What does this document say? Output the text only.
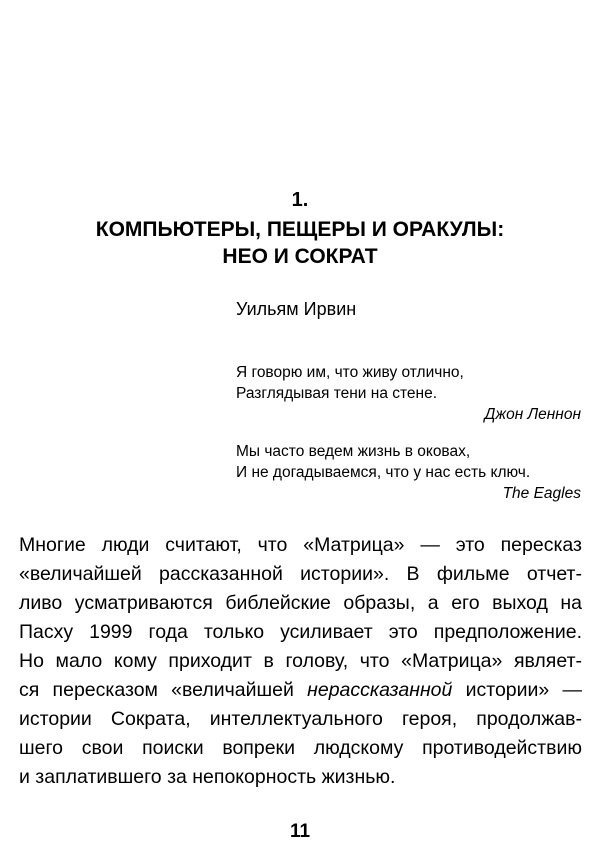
1.
КОМПЬЮТЕРЫ, ПЕЩЕРЫ И ОРАКУЛЫ:
НЕО И СОКРАТ
Уильям Ирвин
Я говорю им, что живу отлично,
Разглядывая тени на стене.
Джон Леннон
Мы часто ведем жизнь в оковах,
И не догадываемся, что у нас есть ключ.
The Eagles

Многие люди считают, что «Матрица» — это пересказ
«величайшей рассказанной истории». В фильме отчет-
ливо усматриваются библейские образы, а его выход на
Пасху 1999 года только усиливает это предположение.
Но мало кому приходит в голову, что «Матрица» являет-
ся пересказом «величайшей нерассказанной истории» —
истории Сократа, интеллектуального героя, продолжав-
шего свои поиски вопреки людскому противодействию
и заплатившего за непокорность жизнью.

11
